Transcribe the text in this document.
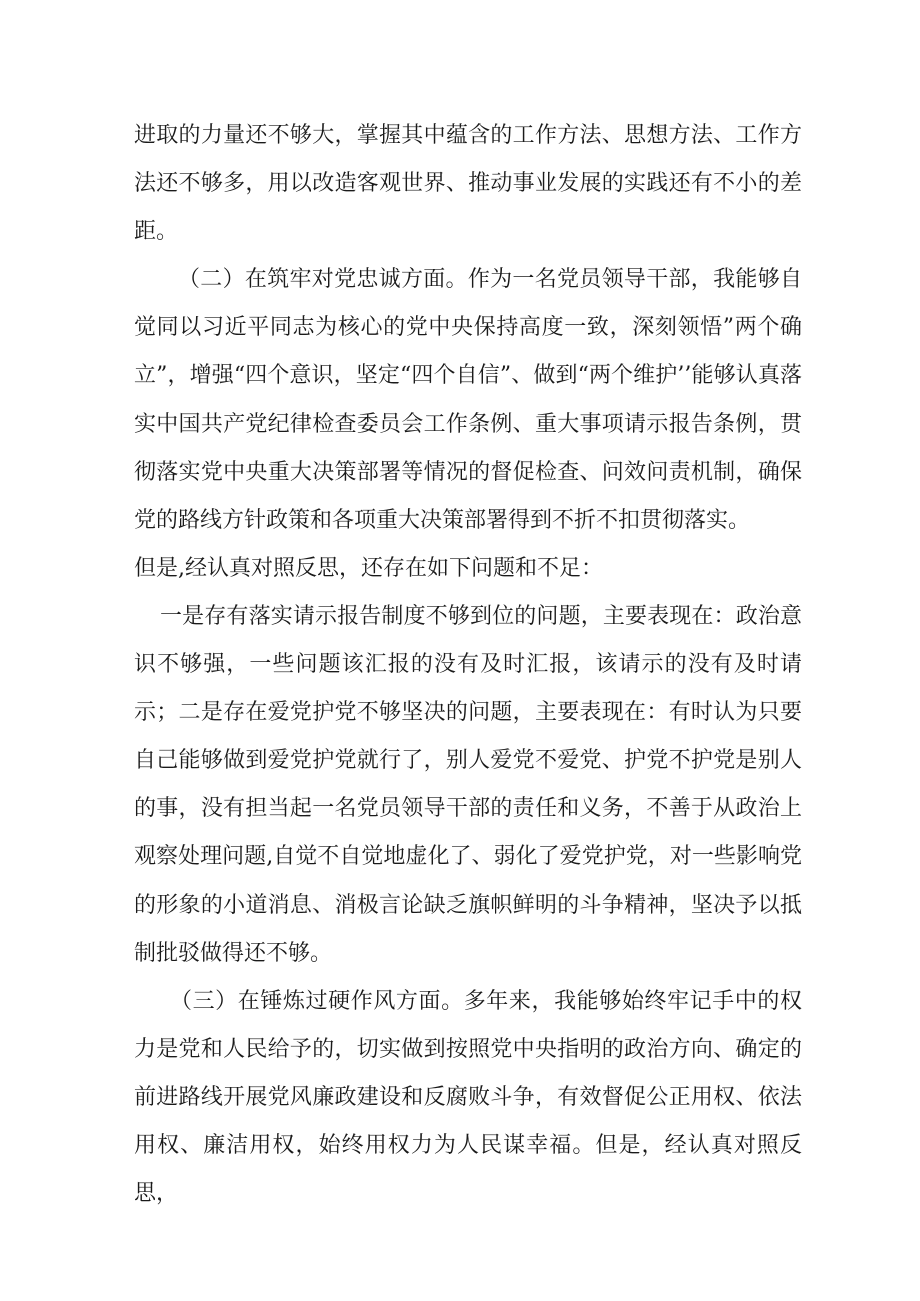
进取的力量还不够大，掌握其中蕴含的工作方法、思想方法、工作方法还不够多，用以改造客观世界、推动事业发展的实践还有不小的差距。

（二）在筑牢对党忠诚方面。作为一名党员领导干部，我能够自觉同以习近平同志为核心的党中央保持高度一致，深刻领悟”两个确立”，增强“四个意识，坚定“四个自信”、做到“两个维护’’能够认真落实中国共产党纪律检查委员会工作条例、重大事项请示报告条例，贯彻落实党中央重大决策部署等情况的督促检查、问效问责机制，确保党的路线方针政策和各项重大决策部署得到不折不扣贯彻落实。

但是,经认真对照反思，还存在如下问题和不足：

一是存有落实请示报告制度不够到位的问题，主要表现在：政治意识不够强，一些问题该汇报的没有及时汇报，该请示的没有及时请示；二是存在爱党护党不够坚决的问题，主要表现在：有时认为只要自己能够做到爱党护党就行了，别人爱党不爱党、护党不护党是别人的事，没有担当起一名党员领导干部的责任和义务，不善于从政治上观察处理问题,自觉不自觉地虚化了、弱化了爱党护党，对一些影响党的形象的小道消息、消极言论缺乏旗帜鲜明的斗争精神，坚决予以抵制批驳做得还不够。

（三）在锤炼过硬作风方面。多年来，我能够始终牢记手中的权力是党和人民给予的，切实做到按照党中央指明的政治方向、确定的前进路线开展党风廉政建设和反腐败斗争，有效督促公正用权、依法用权、廉洁用权，始终用权力为人民谋幸福。但是，经认真对照反思，
